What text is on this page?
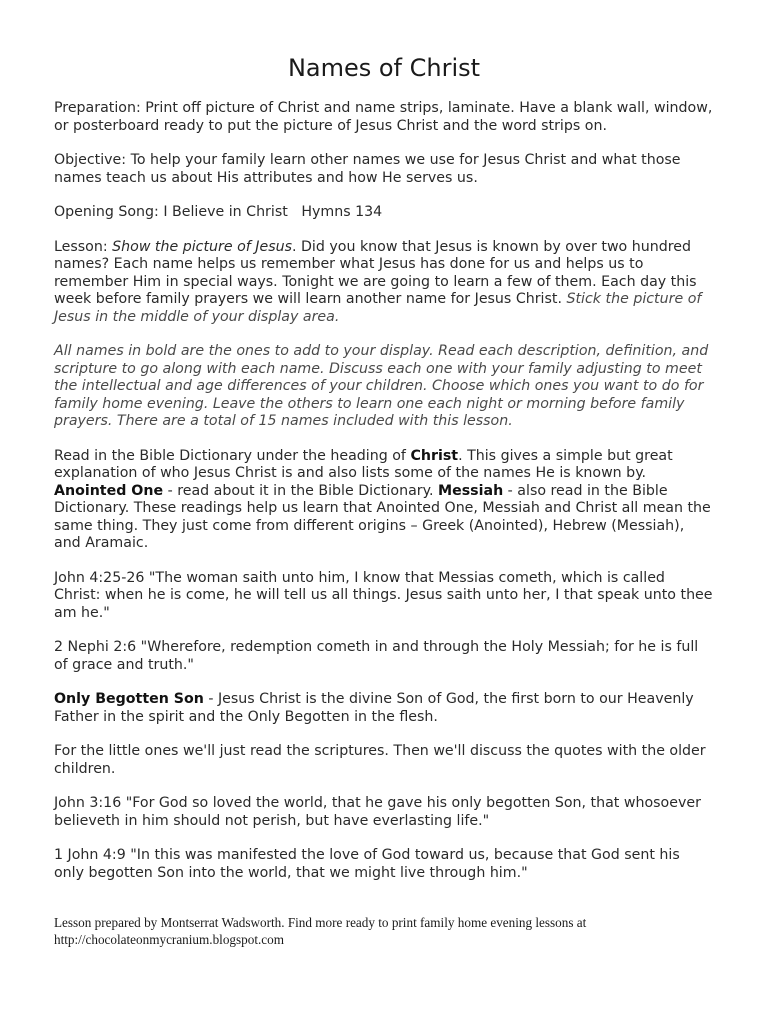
Names of Christ

Preparation: Print off picture of Christ and name strips, laminate. Have a blank wall, window, or posterboard ready to put the picture of Jesus Christ and the word strips on.

Objective: To help your family learn other names we use for Jesus Christ and what those names teach us about His attributes and how He serves us.

Opening Song: I Believe in Christ   Hymns 134

Lesson: Show the picture of Jesus. Did you know that Jesus is known by over two hundred names? Each name helps us remember what Jesus has done for us and helps us to remember Him in special ways. Tonight we are going to learn a few of them. Each day this week before family prayers we will learn another name for Jesus Christ. Stick the picture of Jesus in the middle of your display area.

All names in bold are the ones to add to your display. Read each description, definition, and scripture to go along with each name. Discuss each one with your family adjusting to meet the intellectual and age differences of your children. Choose which ones you want to do for family home evening. Leave the others to learn one each night or morning before family prayers. There are a total of 15 names included with this lesson.

Read in the Bible Dictionary under the heading of Christ. This gives a simple but great explanation of who Jesus Christ is and also lists some of the names He is known by. Anointed One - read about it in the Bible Dictionary. Messiah - also read in the Bible Dictionary. These readings help us learn that Anointed One, Messiah and Christ all mean the same thing. They just come from different origins – Greek (Anointed), Hebrew (Messiah), and Aramaic.

John 4:25-26 "The woman saith unto him, I know that Messias cometh, which is called Christ: when he is come, he will tell us all things. Jesus saith unto her, I that speak unto thee am he."

2 Nephi 2:6 "Wherefore, redemption cometh in and through the Holy Messiah; for he is full of grace and truth."

Only Begotten Son - Jesus Christ is the divine Son of God, the first born to our Heavenly Father in the spirit and the Only Begotten in the flesh.

For the little ones we'll just read the scriptures. Then we'll discuss the quotes with the older children.

John 3:16 "For God so loved the world, that he gave his only begotten Son, that whosoever believeth in him should not perish, but have everlasting life."

1 John 4:9 "In this was manifested the love of God toward us, because that God sent his only begotten Son into the world, that we might live through him."

Lesson prepared by Montserrat Wadsworth. Find more ready to print family home evening lessons at
http://chocolateonmycranium.blogspot.com
